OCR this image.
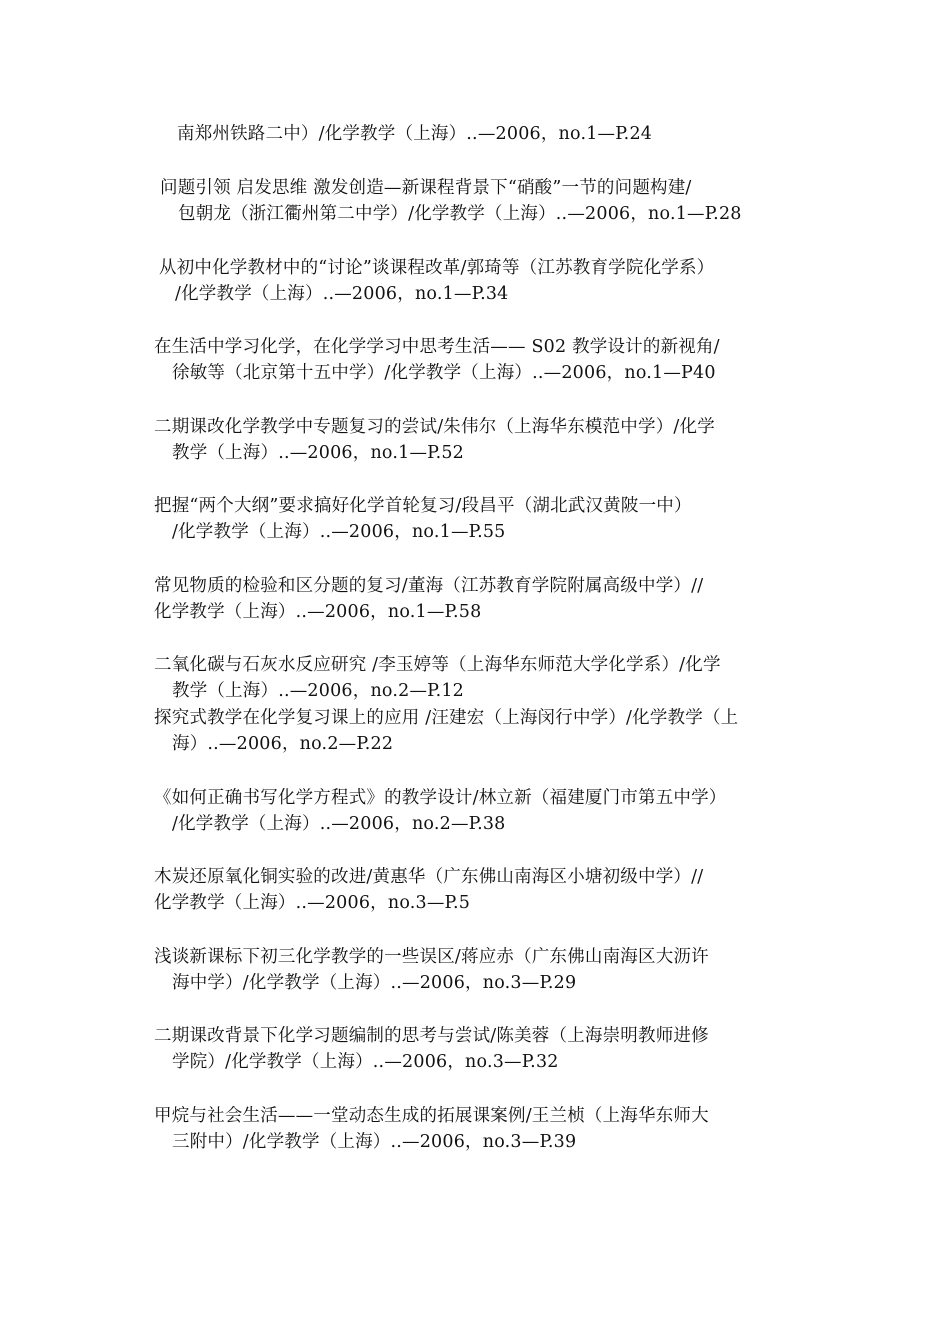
南郑州铁路二中）/化学教学（上海）..—2006，no.1—P.24
问题引领 启发思维 激发创造—新课程背景下“硝酸”一节的问题构建/
包朝龙（浙江衢州第二中学）/化学教学（上海）..—2006，no.1—P.28
从初中化学教材中的“讨论”谈课程改革/郭琦等（江苏教育学院化学系）
/化学教学（上海）..—2006，no.1—P.34
在生活中学习化学，在化学学习中思考生活—— S02 教学设计的新视角/
徐敏等（北京第十五中学）/化学教学（上海）..—2006，no.1—P40
二期课改化学教学中专题复习的尝试/朱伟尔（上海华东模范中学）/化学
教学（上海）..—2006，no.1—P.52
把握“两个大纲”要求搞好化学首轮复习/段昌平（湖北武汉黄陂一中）
/化学教学（上海）..—2006，no.1—P.55
常见物质的检验和区分题的复习/董海（江苏教育学院附属高级中学）//
化学教学（上海）..—2006，no.1—P.58
二氧化碳与石灰水反应研究 /李玉婷等（上海华东师范大学化学系）/化学
教学（上海）..—2006，no.2—P.12
探究式教学在化学复习课上的应用 /汪建宏（上海闵行中学）/化学教学（上
海）..—2006，no.2—P.22
《如何正确书写化学方程式》的教学设计/林立新（福建厦门市第五中学）
/化学教学（上海）..—2006，no.2—P.38
木炭还原氧化铜实验的改进/黄惠华（广东佛山南海区小塘初级中学）//
化学教学（上海）..—2006，no.3—P.5
浅谈新课标下初三化学教学的一些误区/蒋应赤（广东佛山南海区大沥许
海中学）/化学教学（上海）..—2006，no.3—P.29
二期课改背景下化学习题编制的思考与尝试/陈美蓉（上海崇明教师进修
学院）/化学教学（上海）..—2006，no.3—P.32
甲烷与社会生活——一堂动态生成的拓展课案例/王兰桢（上海华东师大
三附中）/化学教学（上海）..—2006，no.3—P.39
